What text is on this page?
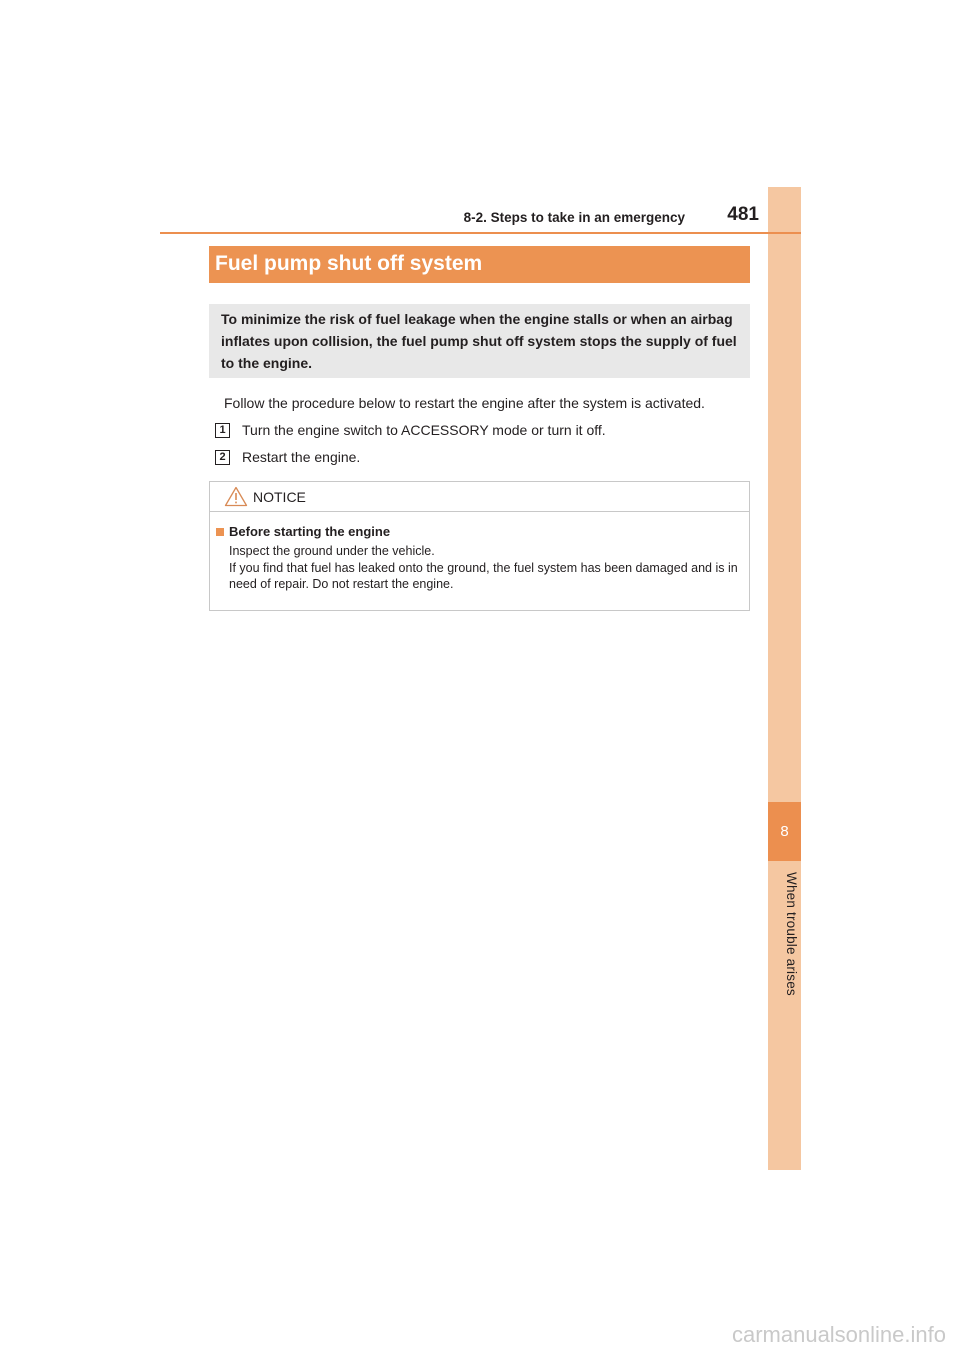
8
When trouble arises
8-2. Steps to take in an emergency 481
Fuel pump shut off system
To minimize the risk of fuel leakage when the engine stalls or when an airbag inflates upon collision, the fuel pump shut off system stops the supply of fuel to the engine.
Follow the procedure below to restart the engine after the system is activated.
1	Turn the engine switch to ACCESSORY mode or turn it off.
2	Restart the engine.
NOTICE
Before starting the engine
Inspect the ground under the vehicle.
If you find that fuel has leaked onto the ground, the fuel system has been damaged and is in need of repair. Do not restart the engine.
carmanualsonline.info
